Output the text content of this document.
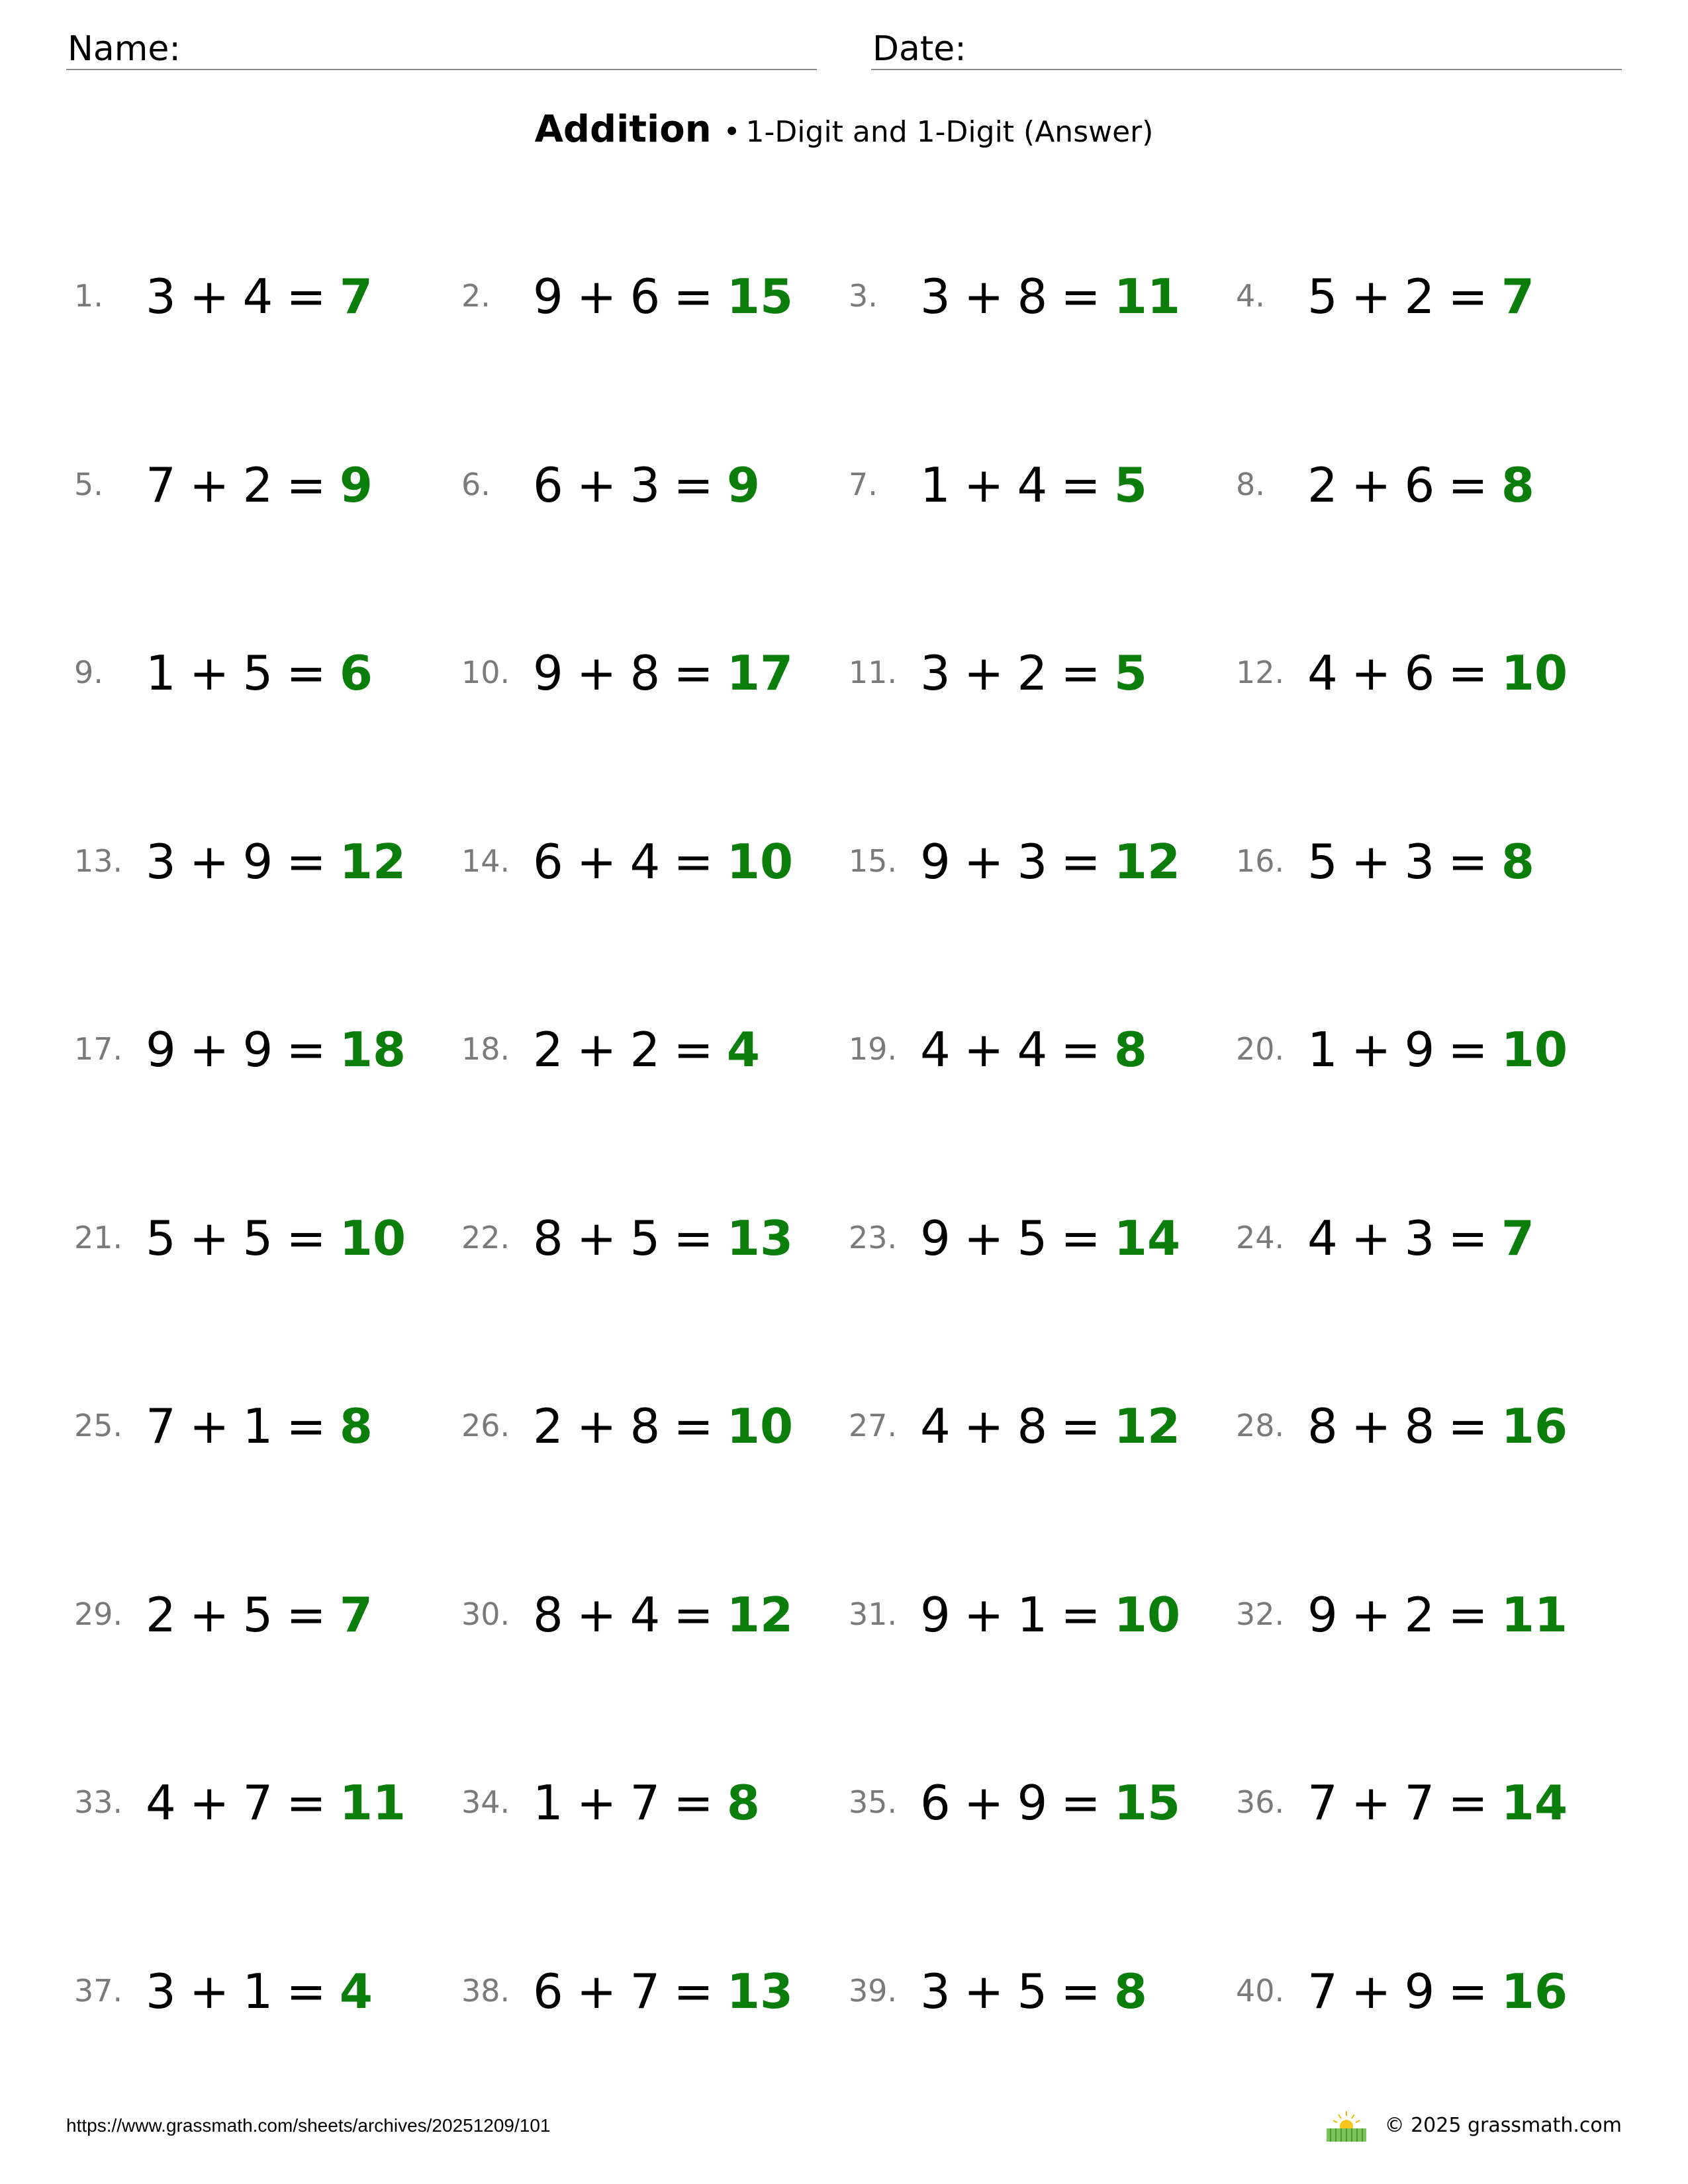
Name:	Date:
Addition • 1-Digit and 1-Digit (Answer)
1. 3 + 4 = 7	2. 9 + 6 = 15 3. 3 + 8 = 11 4. 5 + 2 = 7
5. 7 + 2 = 9	6. 6 + 3 = 9	7. 1 + 4 = 5	8. 2 + 6 = 8
9. 1 + 5 = 6	10. 9 + 8 = 17 11. 3 + 2 = 5	12. 4 + 6 = 10
13. 3 + 9 = 12 14. 6 + 4 = 10 15. 9 + 3 = 12 16. 5 + 3 = 8
17. 9 + 9 = 18 18. 2 + 2 = 4	19. 4 + 4 = 8	20. 1 + 9 = 10
21. 5 + 5 = 10 22. 8 + 5 = 13 23. 9 + 5 = 14 24. 4 + 3 = 7
25. 7 + 1 = 8	26. 2 + 8 = 10 27. 4 + 8 = 12 28. 8 + 8 = 16
29. 2 + 5 = 7	30. 8 + 4 = 12 31. 9 + 1 = 10 32. 9 + 2 = 11
33. 4 + 7 = 11 34. 1 + 7 = 8	35. 6 + 9 = 15 36. 7 + 7 = 14
37. 3 + 1 = 4	38. 6 + 7 = 13 39. 3 + 5 = 8	40. 7 + 9 = 16
https://www.grassmath.com/sheets/archives/20251209/101	© 2025 grassmath.com
